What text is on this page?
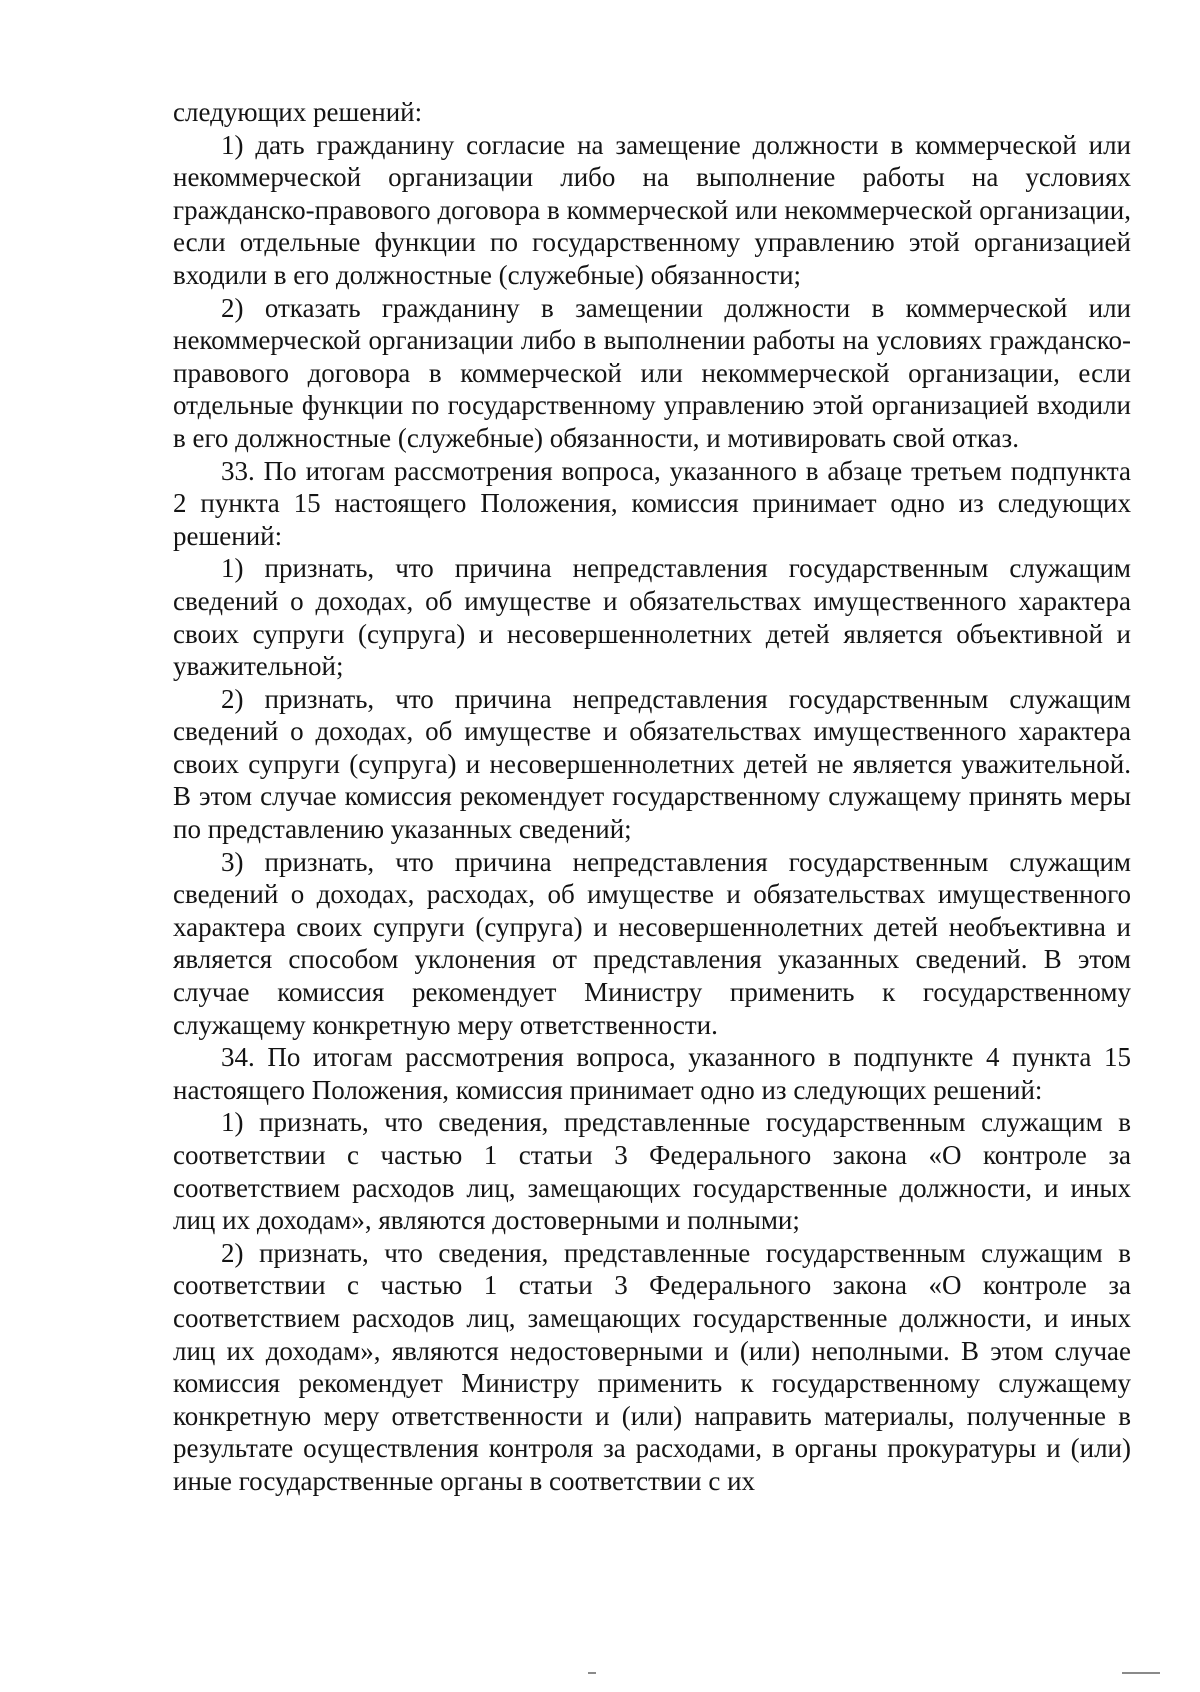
следующих решений:

1) дать гражданину согласие на замещение должности в коммерческой или некоммерческой организации либо на выполнение работы на условиях гражданско-правового договора в коммерческой или некоммерческой организации, если отдельные функции по государственному управлению этой организацией входили в его должностные (служебные) обязанности;

2) отказать гражданину в замещении должности в коммерческой или некоммерческой организации либо в выполнении работы на условиях гражданско-правового договора в коммерческой или некоммерческой организации, если отдельные функции по государственному управлению этой организацией входили в его должностные (служебные) обязанности, и мотивировать свой отказ.

33. По итогам рассмотрения вопроса, указанного в абзаце третьем подпункта 2 пункта 15 настоящего Положения, комиссия принимает одно из следующих решений:

1) признать, что причина непредставления государственным служащим сведений о доходах, об имуществе и обязательствах имущественного характера своих супруги (супруга) и несовершеннолетних детей является объективной и уважительной;

2) признать, что причина непредставления государственным служащим сведений о доходах, об имуществе и обязательствах имущественного характера своих супруги (супруга) и несовершеннолетних детей не является уважительной. В этом случае комиссия рекомендует государственному служащему принять меры по представлению указанных сведений;

3) признать, что причина непредставления государственным служащим сведений о доходах, расходах, об имуществе и обязательствах имущественного характера своих супруги (супруга) и несовершеннолетних детей необъективна и является способом уклонения от представления указанных сведений. В этом случае комиссия рекомендует Министру применить к государственному служащему конкретную меру ответственности.

34. По итогам рассмотрения вопроса, указанного в подпункте 4 пункта 15 настоящего Положения, комиссия принимает одно из следующих решений:

1) признать, что сведения, представленные государственным служащим в соответствии с частью 1 статьи 3 Федерального закона «О контроле за соответствием расходов лиц, замещающих государственные должности, и иных лиц их доходам», являются достоверными и полными;

2) признать, что сведения, представленные государственным служащим в соответствии с частью 1 статьи 3 Федерального закона «О контроле за соответствием расходов лиц, замещающих государственные должности, и иных лиц их доходам», являются недостоверными и (или) неполными. В этом случае комиссия рекомендует Министру применить к государственному служащему конкретную меру ответственности и (или) направить материалы, полученные в результате осуществления контроля за расходами, в органы прокуратуры и (или) иные государственные органы в соответствии с их
